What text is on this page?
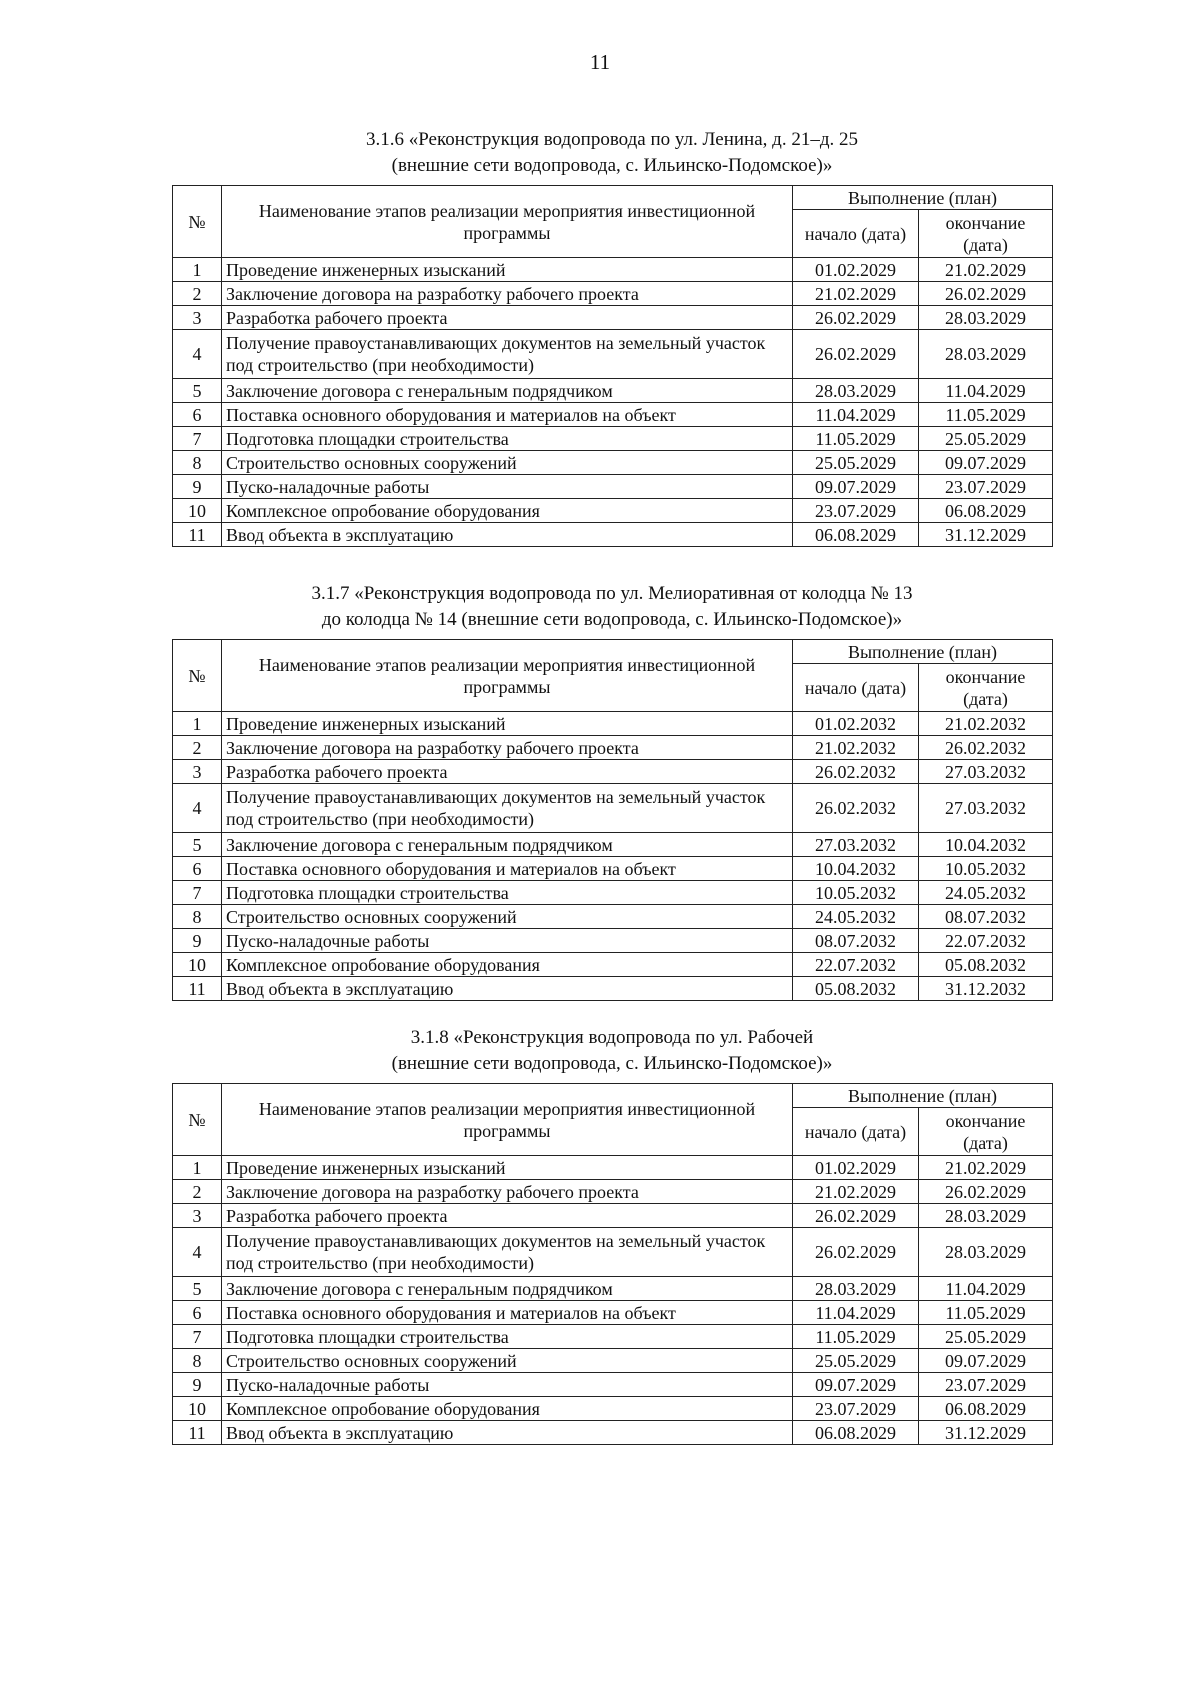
11
3.1.6 «Реконструкция водопровода по ул. Ленина, д. 21–д. 25
(внешние сети водопровода, с. Ильинско-Подомское)»
№	Наименование этапов реализации мероприятия инвестиционной программы	Выполнение (план)	
		начало (дата)	окончание (дата)
1	Проведение инженерных изысканий	01.02.2029	21.02.2029
2	Заключение договора на разработку рабочего проекта	21.02.2029	26.02.2029
3	Разработка рабочего проекта	26.02.2029	28.03.2029
4	Получение правоустанавливающих документов на земельный участок под строительство (при необходимости)	26.02.2029	28.03.2029
5	Заключение договора с генеральным подрядчиком	28.03.2029	11.04.2029
6	Поставка основного оборудования и материалов на объект	11.04.2029	11.05.2029
7	Подготовка площадки строительства	11.05.2029	25.05.2029
8	Строительство основных сооружений	25.05.2029	09.07.2029
9	Пуско-наладочные работы	09.07.2029	23.07.2029
10	Комплексное опробование оборудования	23.07.2029	06.08.2029
11	Ввод объекта в эксплуатацию	06.08.2029	31.12.2029
3.1.7 «Реконструкция водопровода по ул. Мелиоративная от колодца № 13
до колодца № 14 (внешние сети водопровода, с. Ильинско-Подомское)»
№	Наименование этапов реализации мероприятия инвестиционной программы	Выполнение (план)	
		начало (дата)	окончание (дата)
1	Проведение инженерных изысканий	01.02.2032	21.02.2032
2	Заключение договора на разработку рабочего проекта	21.02.2032	26.02.2032
3	Разработка рабочего проекта	26.02.2032	27.03.2032
4	Получение правоустанавливающих документов на земельный участок под строительство (при необходимости)	26.02.2032	27.03.2032
5	Заключение договора с генеральным подрядчиком	27.03.2032	10.04.2032
6	Поставка основного оборудования и материалов на объект	10.04.2032	10.05.2032
7	Подготовка площадки строительства	10.05.2032	24.05.2032
8	Строительство основных сооружений	24.05.2032	08.07.2032
9	Пуско-наладочные работы	08.07.2032	22.07.2032
10	Комплексное опробование оборудования	22.07.2032	05.08.2032
11	Ввод объекта в эксплуатацию	05.08.2032	31.12.2032
3.1.8 «Реконструкция водопровода по ул. Рабочей
(внешние сети водопровода, с. Ильинско-Подомское)»
№	Наименование этапов реализации мероприятия инвестиционной программы	Выполнение (план)	
		начало (дата)	окончание (дата)
1	Проведение инженерных изысканий	01.02.2029	21.02.2029
2	Заключение договора на разработку рабочего проекта	21.02.2029	26.02.2029
3	Разработка рабочего проекта	26.02.2029	28.03.2029
4	Получение правоустанавливающих документов на земельный участок под строительство (при необходимости)	26.02.2029	28.03.2029
5	Заключение договора с генеральным подрядчиком	28.03.2029	11.04.2029
6	Поставка основного оборудования и материалов на объект	11.04.2029	11.05.2029
7	Подготовка площадки строительства	11.05.2029	25.05.2029
8	Строительство основных сооружений	25.05.2029	09.07.2029
9	Пуско-наладочные работы	09.07.2029	23.07.2029
10	Комплексное опробование оборудования	23.07.2029	06.08.2029
11	Ввод объекта в эксплуатацию	06.08.2029	31.12.2029
